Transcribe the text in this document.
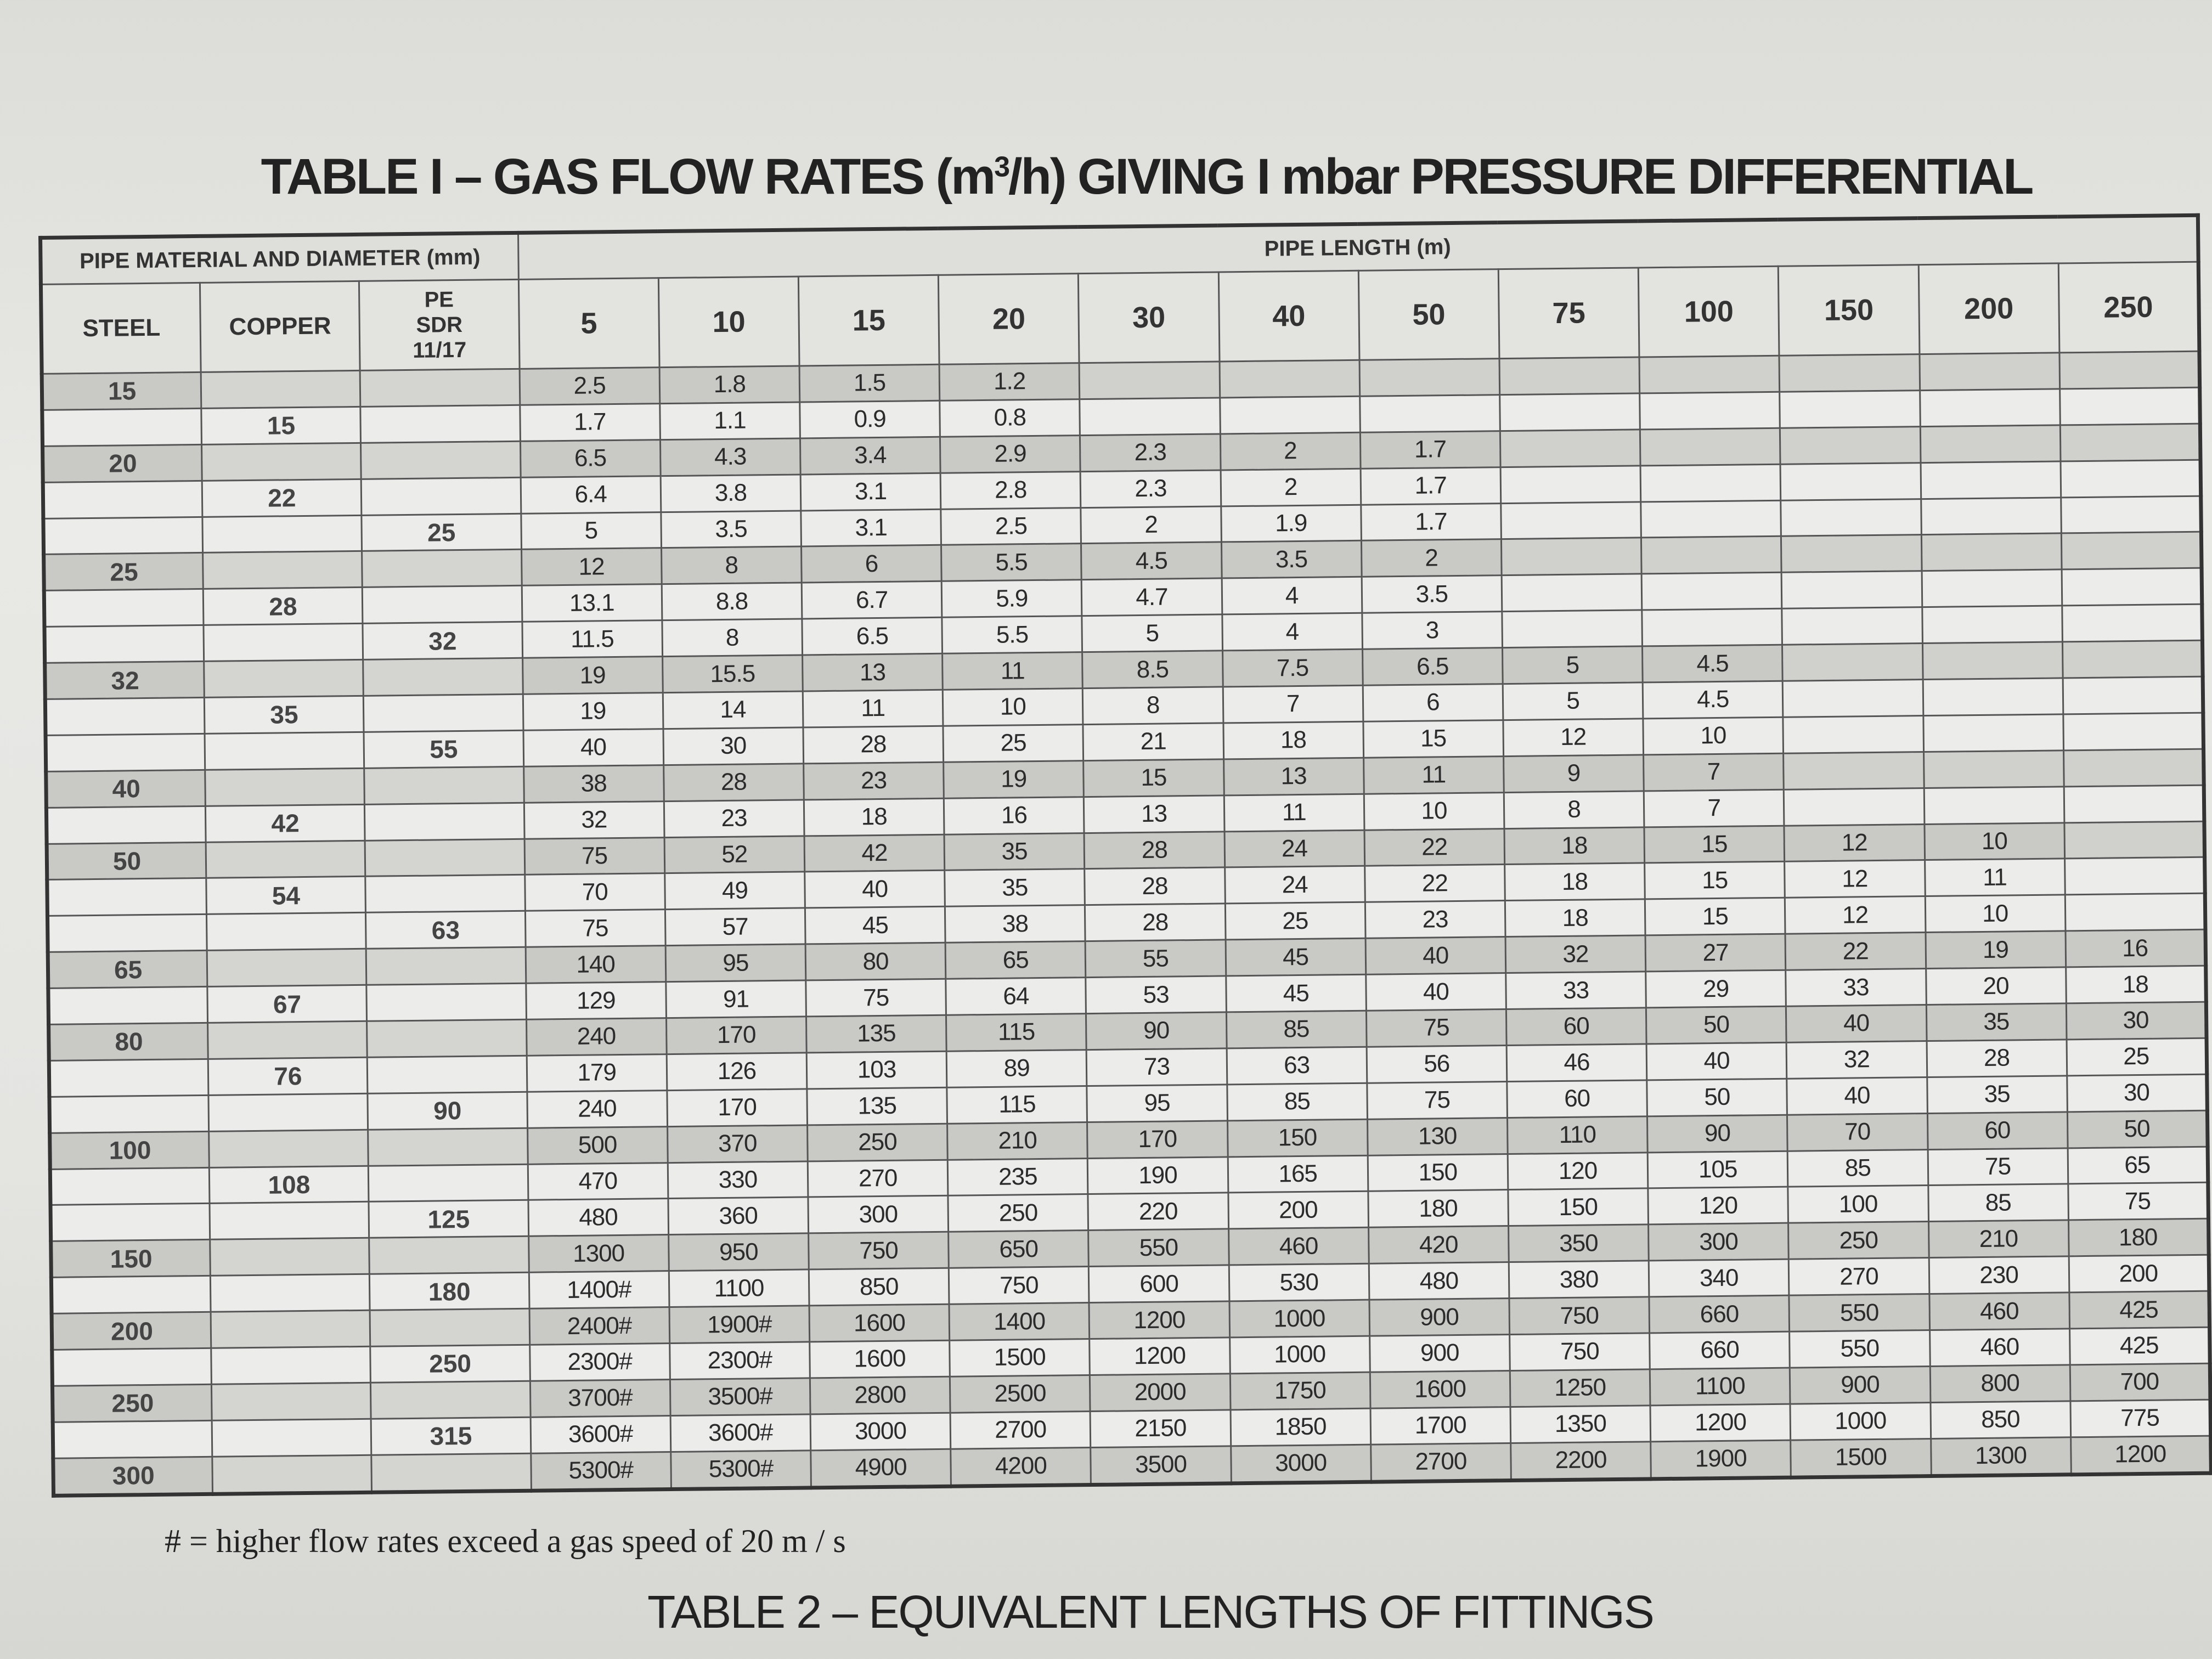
TABLE I – GAS FLOW RATES $(m^3/h)$ GIVING I mbar PRESSURE DIFFERENTIAL
PIPE MATERIAL AND DIAMETER (mm)			PIPE LENGTH (m)											
STEEL	COPPER	PE
SDR
11/17	5	10	15	20	30	40	50	75	100	150	200	250
15			2.5	1.8	1.5	1.2								
	15		1.7	1.1	0.9	0.8								
20			6.5	4.3	3.4	2.9	2.3	2	1.7					
	22		6.4	3.8	3.1	2.8	2.3	2	1.7					
		25	5	3.5	3.1	2.5	2	1.9	1.7					
25			12	8	6	5.5	4.5	3.5	2					
	28		13.1	8.8	6.7	5.9	4.7	4	3.5					
		32	11.5	8	6.5	5.5	5	4	3					
32			19	15.5	13	11	8.5	7.5	6.5	5	4.5			
	35		19	14	11	10	8	7	6	5	4.5			
		55	40	30	28	25	21	18	15	12	10			
40			38	28	23	19	15	13	11	9	7			
	42		32	23	18	16	13	11	10	8	7			
50			75	52	42	35	28	24	22	18	15	12	10	
	54		70	49	40	35	28	24	22	18	15	12	11	
		63	75	57	45	38	28	25	23	18	15	12	10	
65			140	95	80	65	55	45	40	32	27	22	19	16
	67		129	91	75	64	53	45	40	33	29	33	20	18
80			240	170	135	115	90	85	75	60	50	40	35	30
	76		179	126	103	89	73	63	56	46	40	32	28	25
		90	240	170	135	115	95	85	75	60	50	40	35	30
100			500	370	250	210	170	150	130	110	90	70	60	50
	108		470	330	270	235	190	165	150	120	105	85	75	65
		125	480	360	300	250	220	200	180	150	120	100	85	75
150			1300	950	750	650	550	460	420	350	300	250	210	180
		180	1400#	1100	850	750	600	530	480	380	340	270	230	200
200			2400#	1900#	1600	1400	1200	1000	900	750	660	550	460	425
		250	2300#	2300#	1600	1500	1200	1000	900	750	660	550	460	425
250			3700#	3500#	2800	2500	2000	1750	1600	1250	1100	900	800	700
		315	3600#	3600#	3000	2700	2150	1850	1700	1350	1200	1000	850	775
300			5300#	5300#	4900	4200	3500	3000	2700	2200	1900	1500	1300	1200
# = higher flow rates exceed a gas speed of 20 m / s
TABLE 2 – EQUIVALENT LENGTHS OF FITTINGS
